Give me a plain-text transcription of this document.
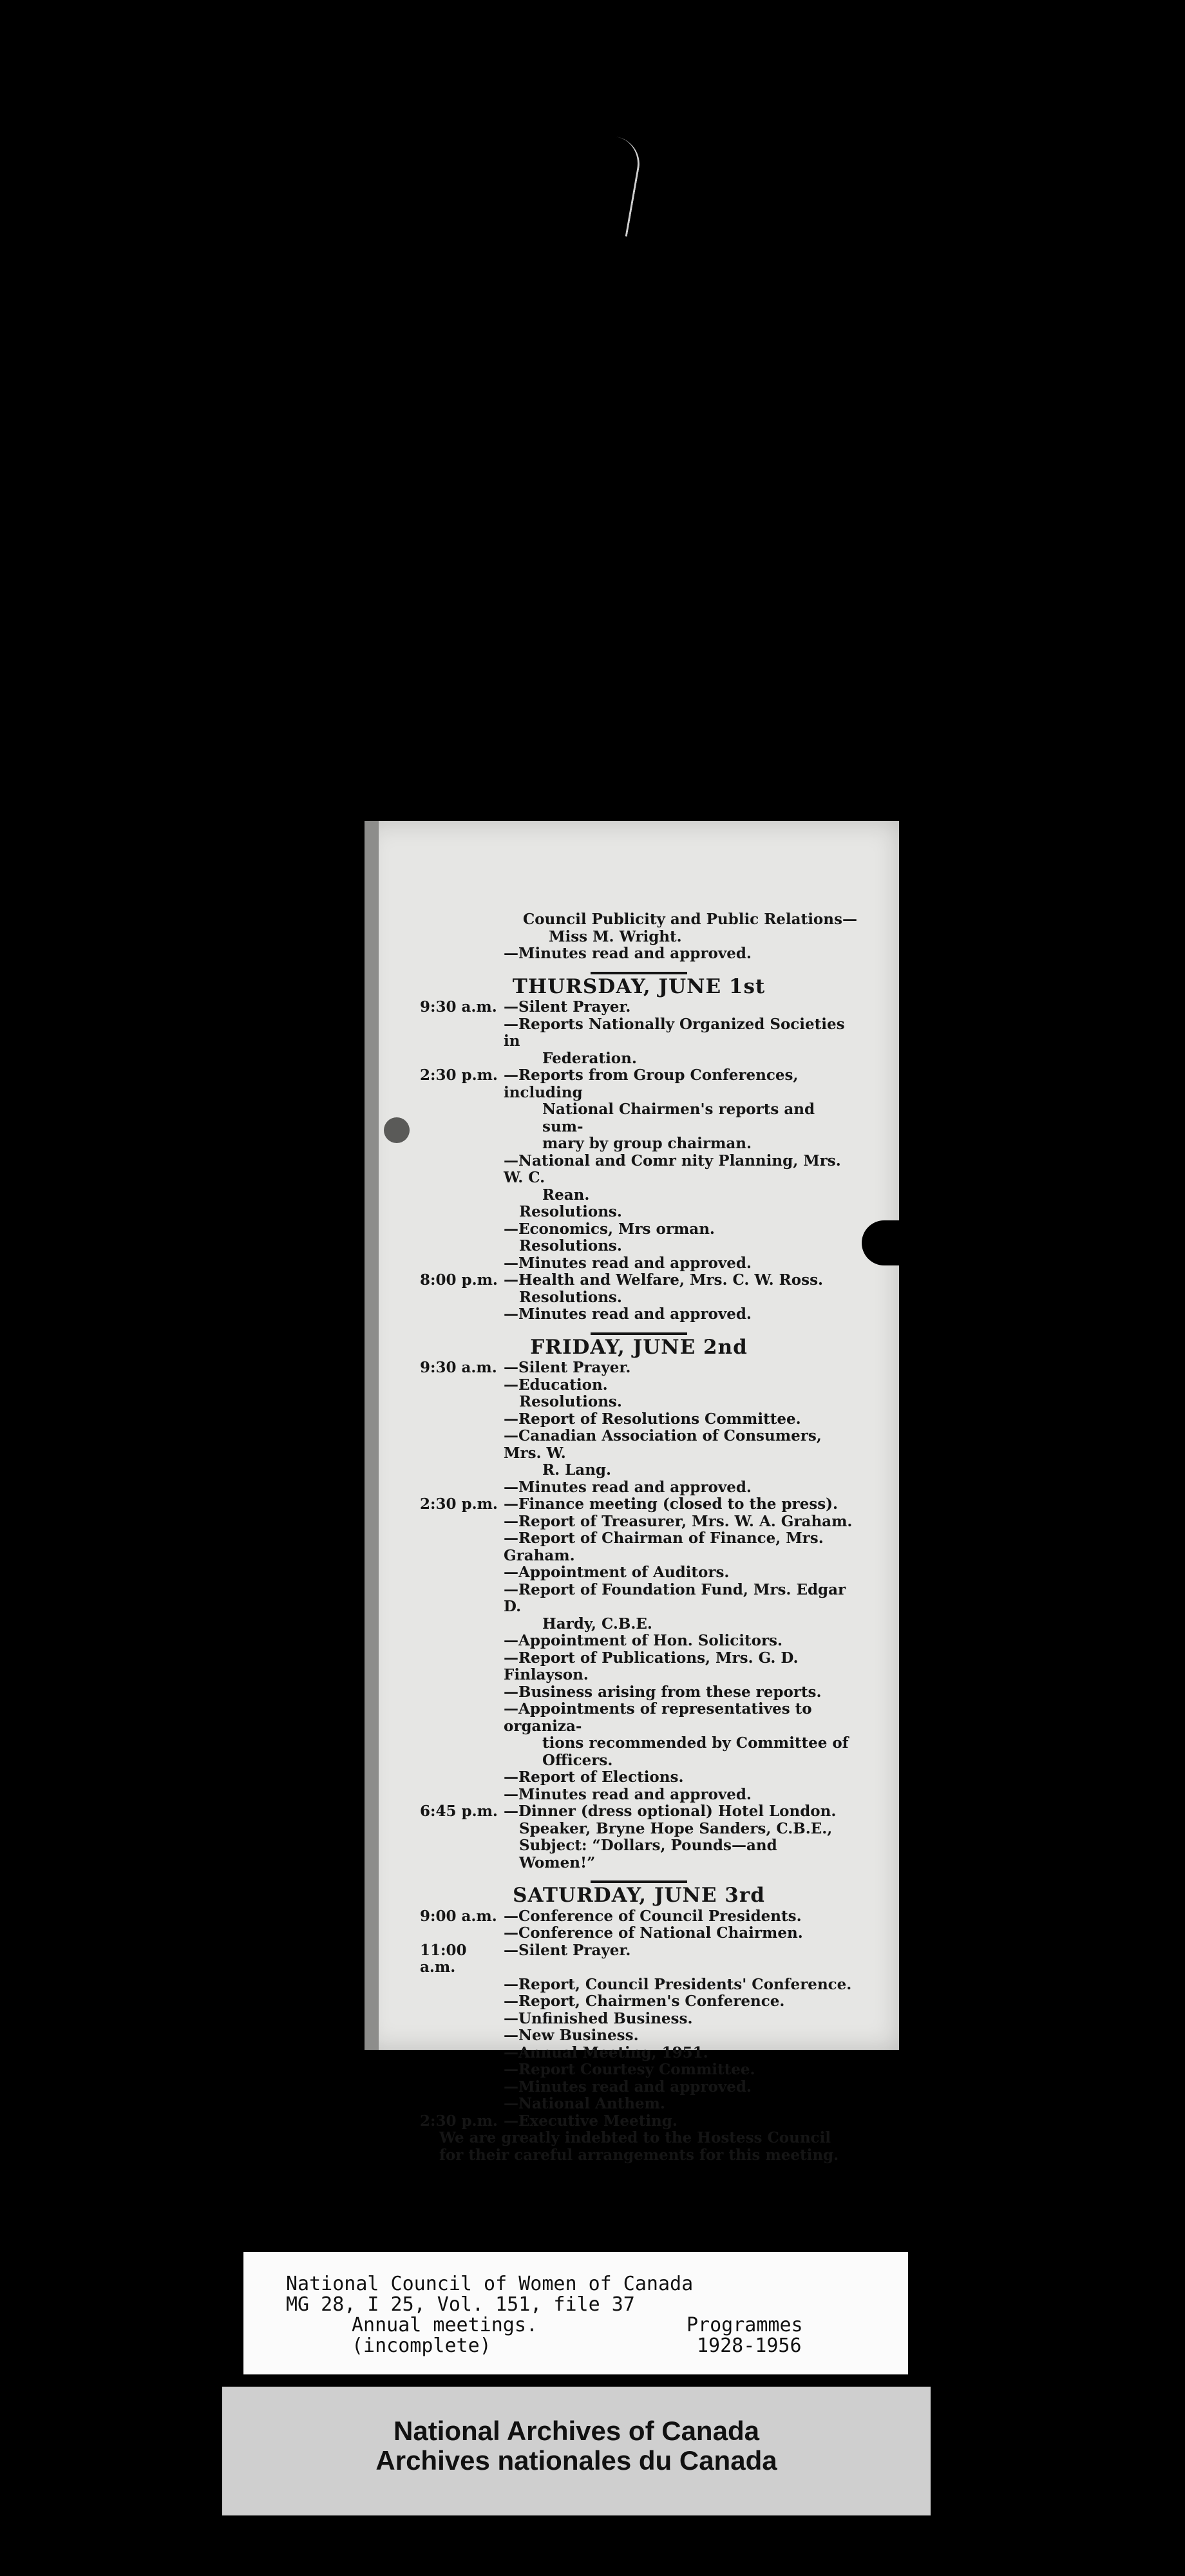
Council Publicity and Public Relations—
Miss M. Wright.
—Minutes read and approved.
THURSDAY, JUNE 1st
9:30 a.m. —Silent Prayer.
—Reports Nationally Organized Societies in
Federation.
2:30 p.m. —Reports from Group Conferences, including
National Chairmen's reports and sum-
mary by group chairman.
—National and Comr nity Planning, Mrs. W. C.
Rean.
Resolutions.
—Economics, Mrs orman.
Resolutions.
—Minutes read and approved.
8:00 p.m. —Health and Welfare, Mrs. C. W. Ross.
Resolutions.
—Minutes read and approved.
FRIDAY, JUNE 2nd
9:30 a.m. —Silent Prayer.
—Education.
Resolutions.
—Report of Resolutions Committee.
—Canadian Association of Consumers, Mrs. W.
R. Lang.
—Minutes read and approved.
2:30 p.m. —Finance meeting (closed to the press).
—Report of Treasurer, Mrs. W. A. Graham.
—Report of Chairman of Finance, Mrs. Graham.
—Appointment of Auditors.
—Report of Foundation Fund, Mrs. Edgar D.
Hardy, C.B.E.
—Appointment of Hon. Solicitors.
—Report of Publications, Mrs. G. D. Finlayson.
—Business arising from these reports.
—Appointments of representatives to organiza-
tions recommended by Committee of
Officers.
—Report of Elections.
—Minutes read and approved.
6:45 p.m. —Dinner (dress optional) Hotel London.
Speaker, Bryne Hope Sanders, C.B.E.,
Subject: “Dollars, Pounds—and Women!”
SATURDAY, JUNE 3rd
9:00 a.m. —Conference of Council Presidents.
—Conference of National Chairmen.
11:00 a.m.
—Silent Prayer.
—Report, Council Presidents' Conference.
—Report, Chairmen's Conference.
—Unfinished Business.
—New Business.
—Annual Meeting, 1951.
—Report Courtesy Committee.
—Minutes read and approved.
—National Anthem.
2:30 p.m. —Executive Meeting.
We are greatly indebted to the Hostess Council
for their careful arrangements for this meeting.
National Council of Women of Canada
MG 28, I 25, Vol. 151, file 37
Annual meetings.	Programmes
(incomplete)	1928-1956
National Archives of Canada
Archives nationales du Canada
